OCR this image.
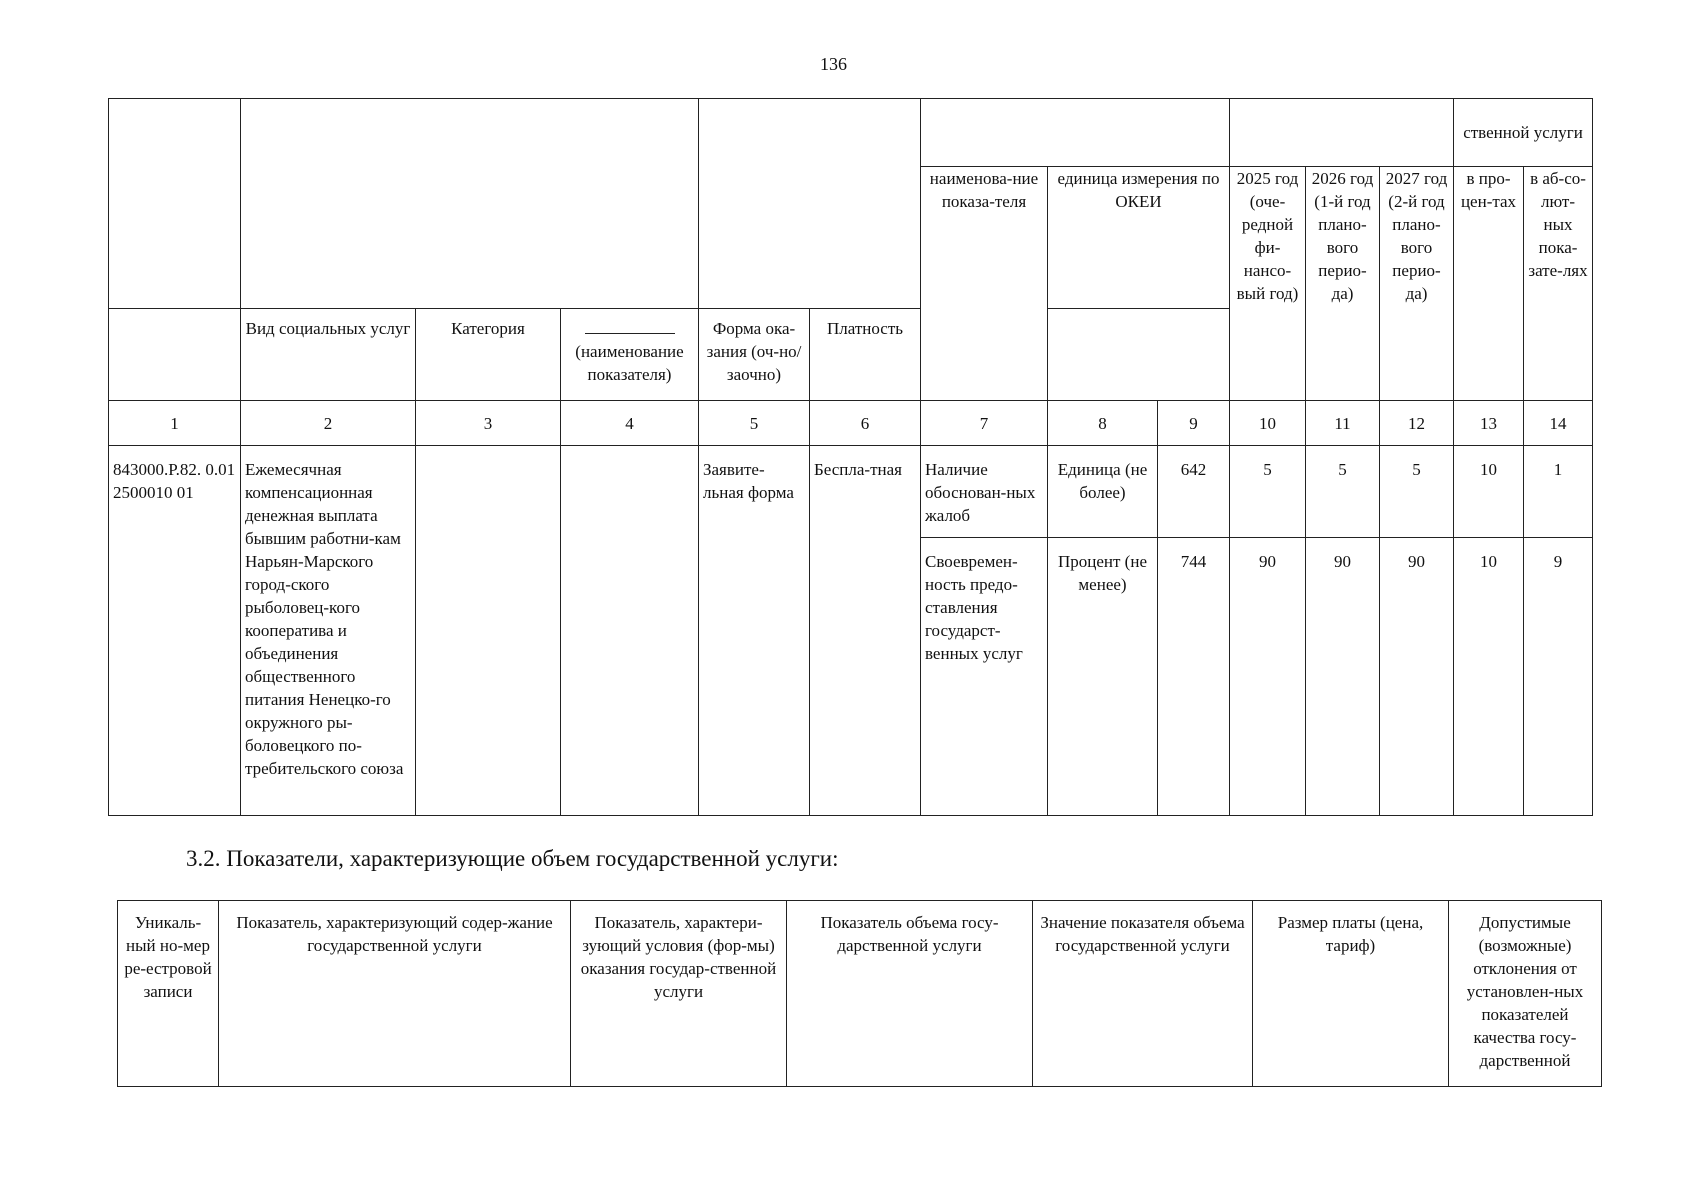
136
												ственной услуги	
						наименова-ние показа-теля	единица измерения по ОКЕИ		2025 год (оче-редной фи-нансо-вый год)	2026 год (1-й год плано-вого перио-да)	2027 год (2-й год плано-вого перио-да)	в про-цен-тах	в аб-со-лют-ных пока-зате-лях

	Вид социальных услуг	Категория	(наименование показателя)	Форма ока-зания (оч-но/заочно)	Платность								
1	2	3	4	5	6	7	8	9	10	11	12	13	14
843000.Р.82. 0.012500010 01	Ежемесячная компенсационная денежная выплата бывшим работни-кам Нарьян-Марского город-ского рыболовец-кого кооператива и объединения общественного питания Ненецко-го окружного ры-боловецкого по-требительского союза			Заявите-льная форма	Беспла-тная	Наличие обоснован-ных жалоб	Единица (не более)	642	5	5	5	10	1
						Своевремен-ность предо-ставления государст-венных услуг	Процент (не менее)	744	90	90	90	10	9
3.2. Показатели, характеризующие объем государственной услуги:
Уникаль-ный но-мер ре-естровой записи	Показатель, характеризующий содер-жание государственной услуги	Показатель, характери-зующий условия (фор-мы) оказания государ-ственной услуги	Показатель объема госу-дарственной услуги	Значение показателя объема государственной услуги	Размер платы (цена, тариф)	Допустимые (возможные) отклонения от установлен-ных показателей качества госу-дарственной
